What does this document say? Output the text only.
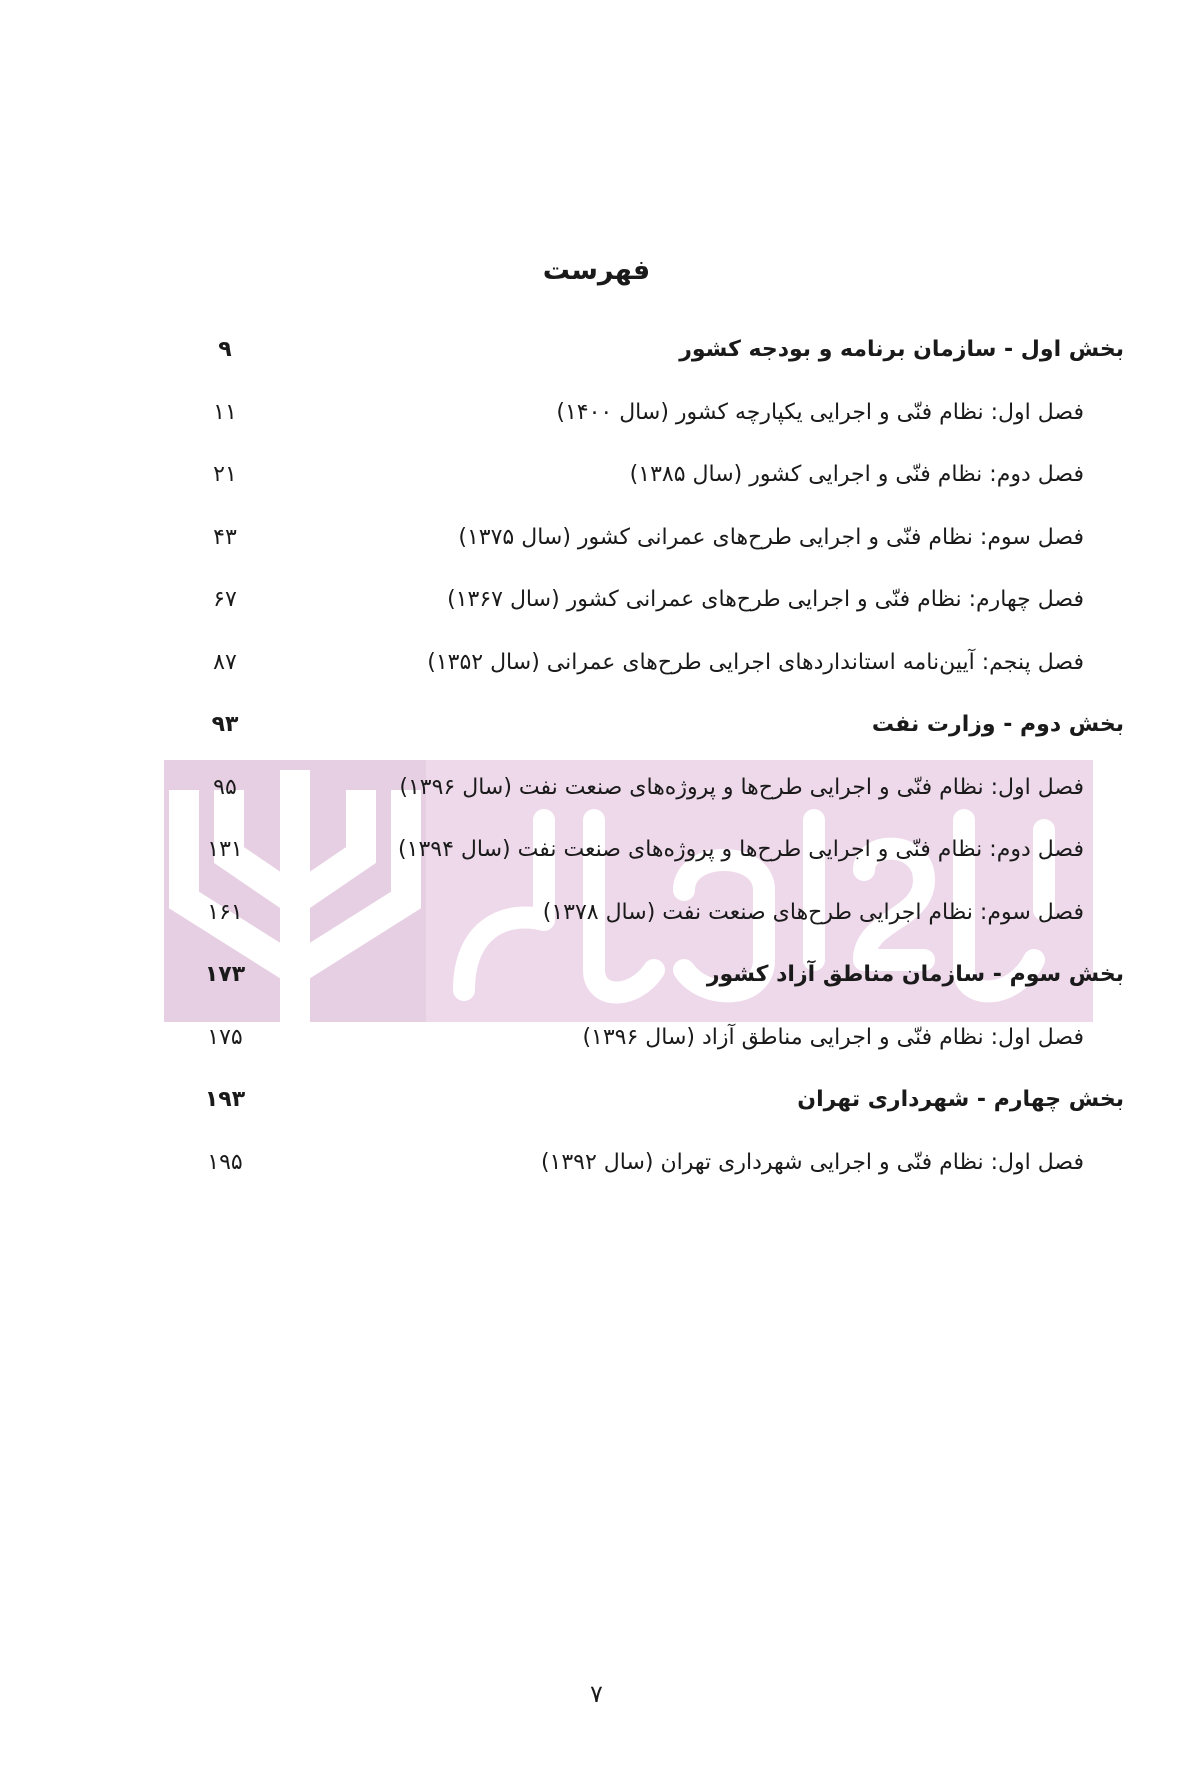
فهرست
بخش اول - سازمان برنامه و بودجه کشور
۹
فصل اول: نظام فنّی و اجرایی یکپارچه کشور (سال ۱۴۰۰)
۱۱
فصل دوم: نظام فنّی و اجرایی کشور (سال ۱۳۸۵)
۲۱
فصل سوم: نظام فنّی و اجرایی طرح‌های عمرانی کشور (سال ۱۳۷۵)
۴۳
فصل چهارم: نظام فنّی و اجرایی طرح‌های عمرانی کشور (سال ۱۳۶۷)
۶۷
فصل پنجم: آیین‌نامه استانداردهای اجرایی طرح‌های عمرانی (سال ۱۳۵۲)
۸۷
بخش دوم - وزارت نفت
۹۳
فصل اول: نظام فنّی و اجرایی طرح‌ها و پروژه‌های صنعت نفت (سال ۱۳۹۶)
۹۵
فصل دوم: نظام فنّی و اجرایی طرح‌ها و پروژه‌های صنعت نفت (سال ۱۳۹۴)
۱۳۱
فصل سوم: نظام اجرایی طرح‌های صنعت نفت (سال ۱۳۷۸)
۱۶۱
بخش سوم - سازمان مناطق آزاد کشور
۱۷۳
فصل اول: نظام فنّی و اجرایی مناطق آزاد (سال ۱۳۹۶)
۱۷۵
بخش چهارم - شهرداری تهران
۱۹۳
فصل اول: نظام فنّی و اجرایی شهرداری تهران (سال ۱۳۹۲)
۱۹۵
۷
